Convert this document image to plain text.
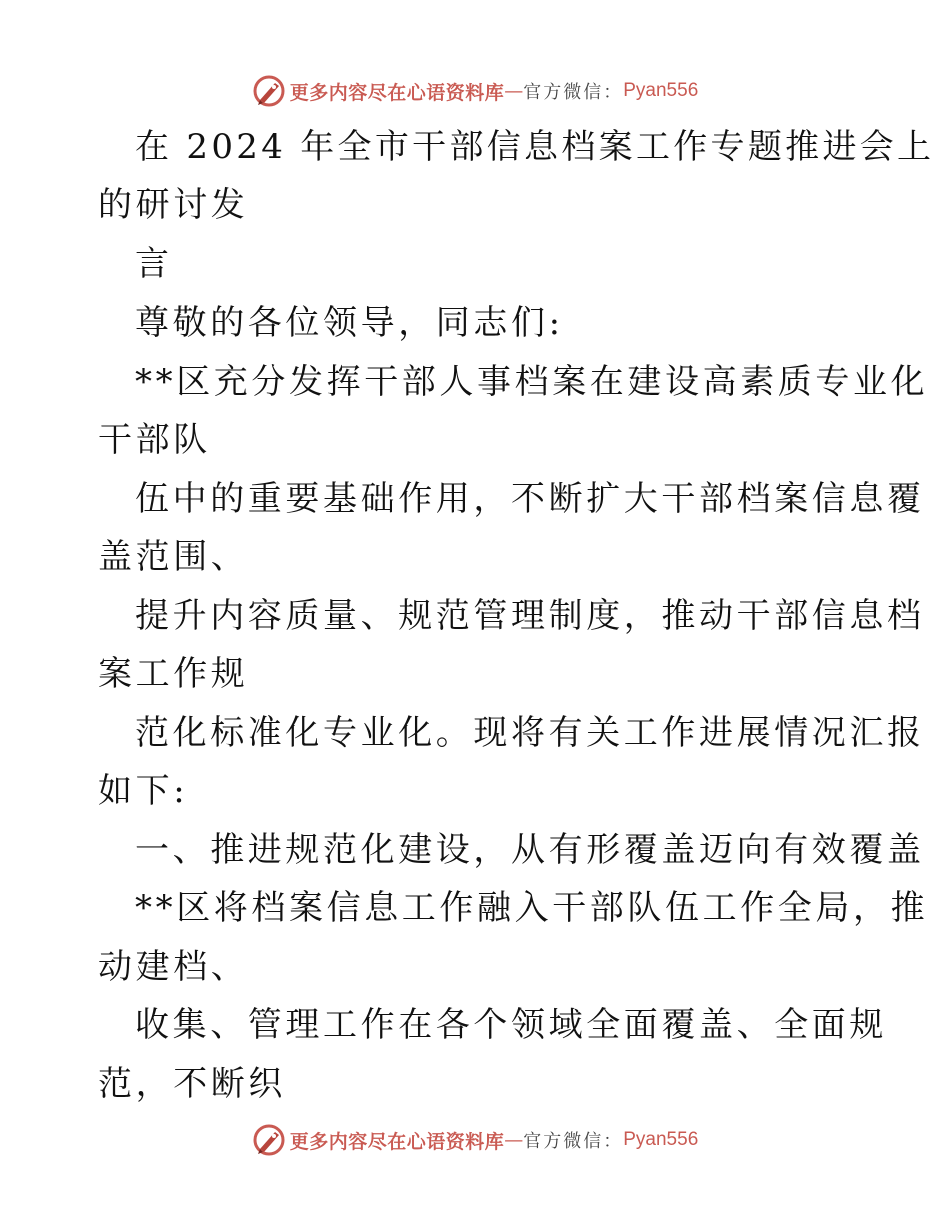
更多内容尽在心语资料库 — 官方微信： Pyan556
在 2024 年全市干部信息档案工作专题推进会上
的研讨发
言
尊敬的各位领导，同志们:
**区充分发挥干部人事档案在建设高素质专业化
干部队
伍中的重要基础作用，不断扩大干部档案信息覆
盖范围、
提升内容质量、规范管理制度，推动干部信息档
案工作规
范化标准化专业化。现将有关工作进展情况汇报
如下:
一、推进规范化建设，从有形覆盖迈向有效覆盖
**区将档案信息工作融入干部队伍工作全局，推
动建档、
收集、管理工作在各个领域全面覆盖、全面规
范，不断织
更多内容尽在心语资料库 — 官方微信： Pyan556
